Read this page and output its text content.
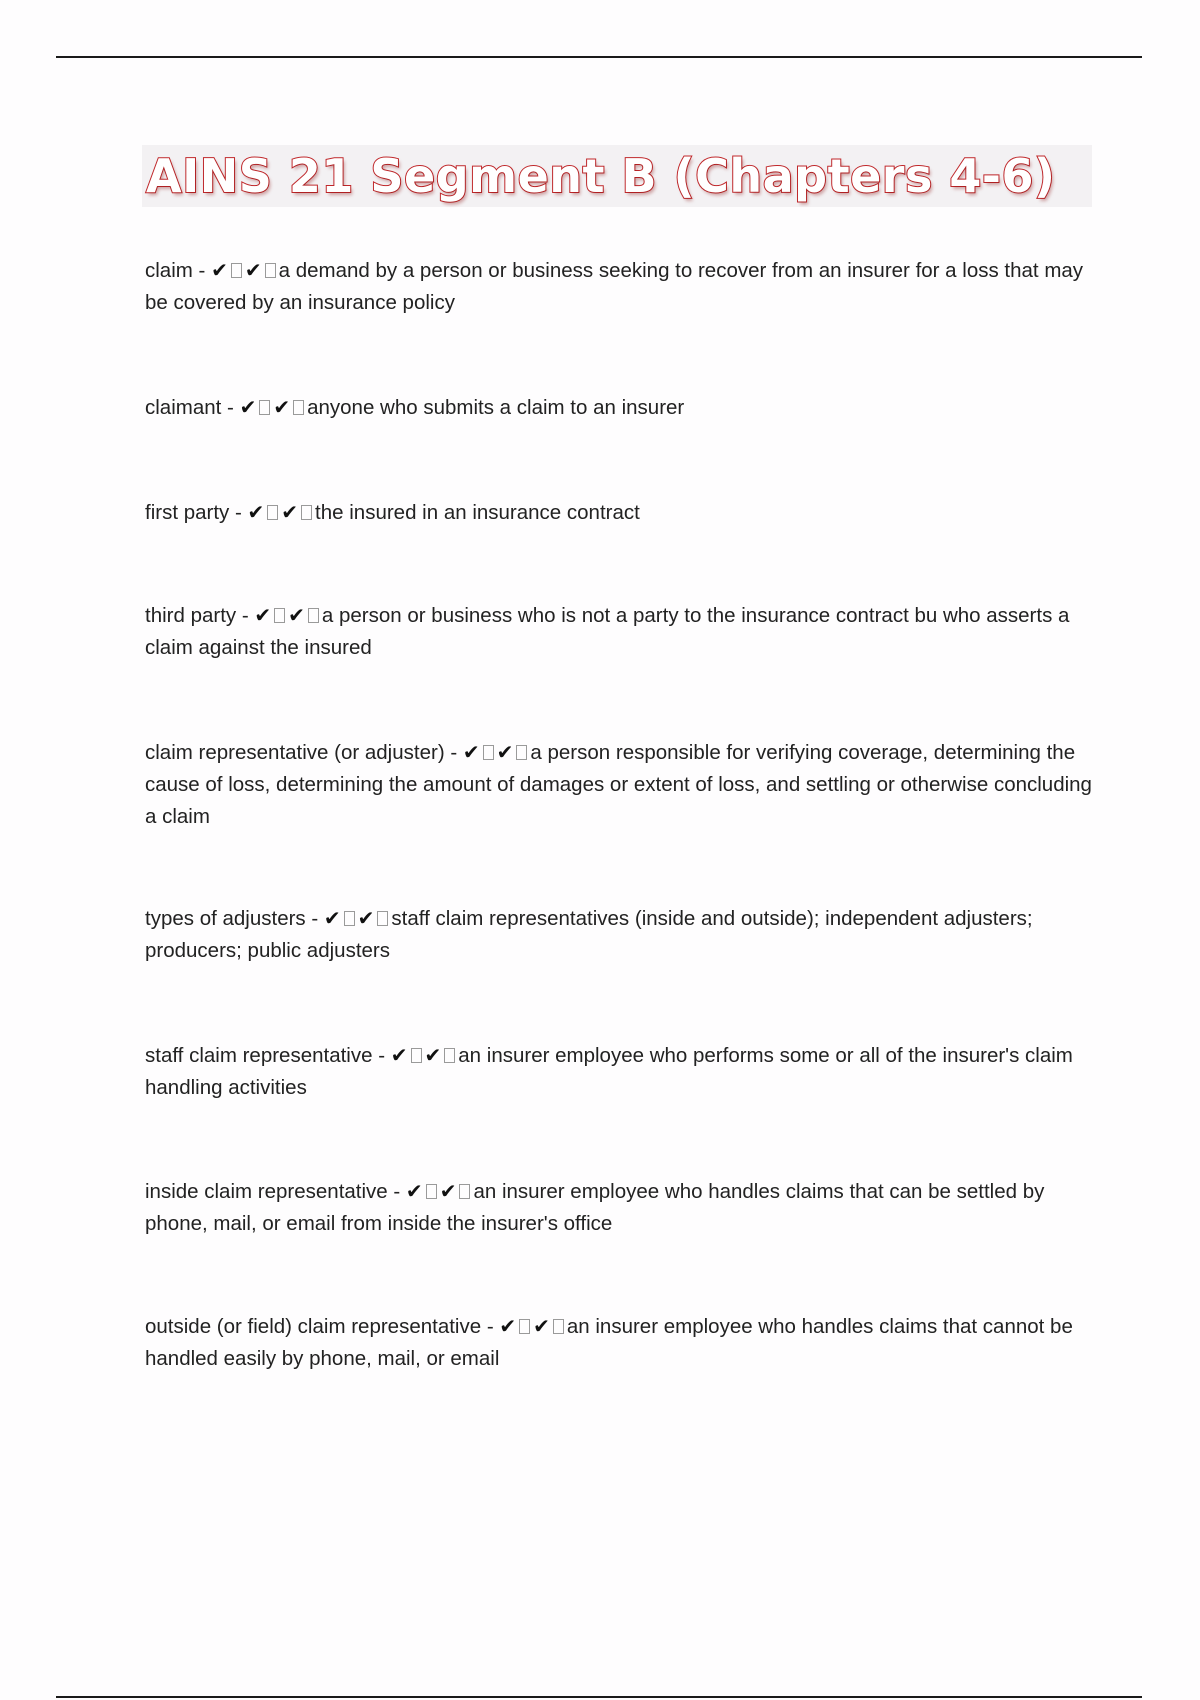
AINS 21 Segment B (Chapters 4-6)
claim - ✔ ✔ a demand by a person or business seeking to recover from an insurer for a loss that may be covered by an insurance policy
claimant - ✔ ✔ anyone who submits a claim to an insurer
first party - ✔ ✔ the insured in an insurance contract
third party - ✔ ✔ a person or business who is not a party to the insurance contract bu who asserts a claim against the insured
claim representative (or adjuster) - ✔ ✔ a person responsible for verifying coverage, determining the cause of loss, determining the amount of damages or extent of loss, and settling or otherwise concluding a claim
types of adjusters - ✔ ✔ staff claim representatives (inside and outside); independent adjusters; producers; public adjusters
staff claim representative - ✔ ✔ an insurer employee who performs some or all of the insurer's claim handling activities
inside claim representative - ✔ ✔ an insurer employee who handles claims that can be settled by phone, mail, or email from inside the insurer's office
outside (or field) claim representative - ✔ ✔ an insurer employee who handles claims that cannot be handled easily by phone, mail, or email
